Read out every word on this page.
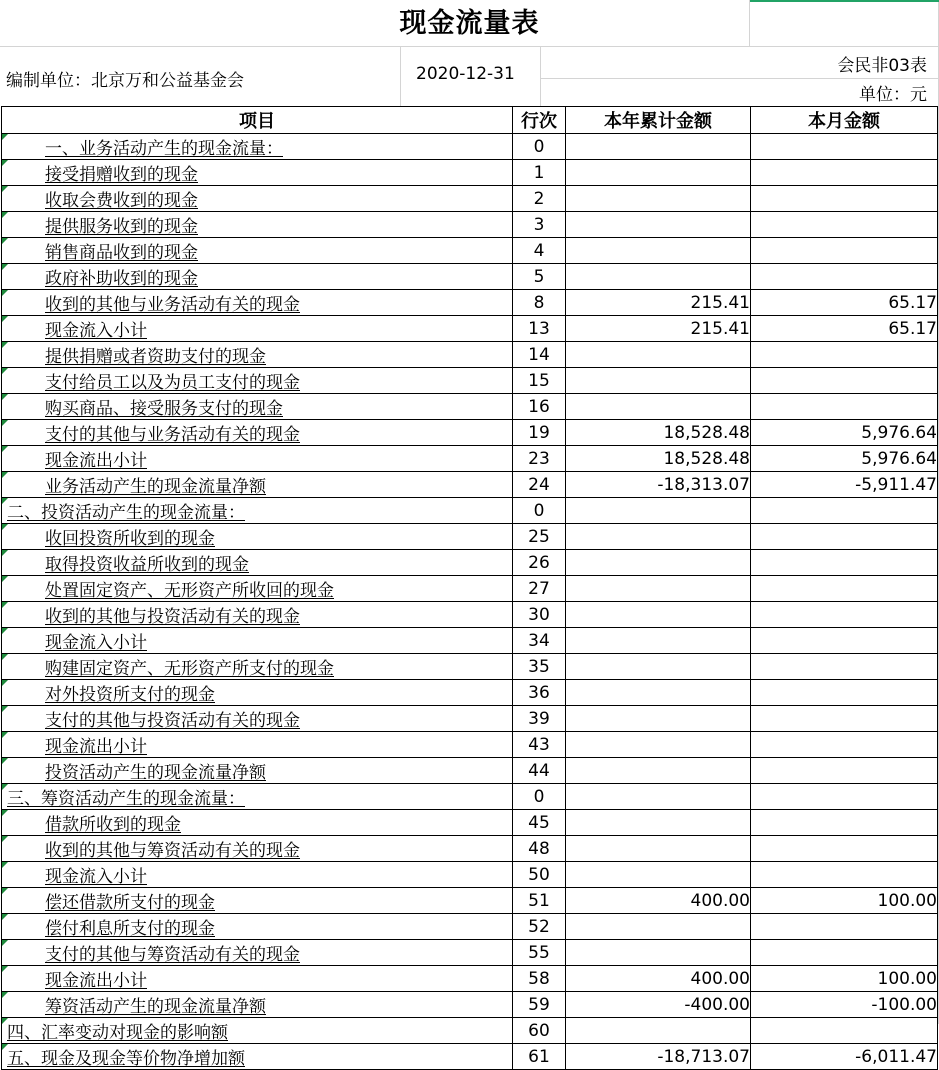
现金流量表
编制单位：北京万和公益基金会	2020-12-31	会民非03表
单位：元
项目	行次	本年累计金额	本月金额

一、业务活动产生的现金流量：	0		

接受捐赠收到的现金	1		

收取会费收到的现金	2		

提供服务收到的现金	3		

销售商品收到的现金	4		

政府补助收到的现金	5		

收到的其他与业务活动有关的现金	8	215.41	65.17

现金流入小计	13	215.41	65.17

提供捐赠或者资助支付的现金	14		

支付给员工以及为员工支付的现金	15		

购买商品、接受服务支付的现金	16		

支付的其他与业务活动有关的现金	19	18,528.48	5,976.64

现金流出小计	23	18,528.48	5,976.64

业务活动产生的现金流量净额	24	-18,313.07	-5,911.47

二、投资活动产生的现金流量：	0		

收回投资所收到的现金	25		

取得投资收益所收到的现金	26		

处置固定资产、无形资产所收回的现金	27		

收到的其他与投资活动有关的现金	30		

现金流入小计	34		

购建固定资产、无形资产所支付的现金	35		

对外投资所支付的现金	36		

支付的其他与投资活动有关的现金	39		

现金流出小计	43		

投资活动产生的现金流量净额	44		

三、筹资活动产生的现金流量：	0		

借款所收到的现金	45		

收到的其他与筹资活动有关的现金	48		

现金流入小计	50		

偿还借款所支付的现金	51	400.00	100.00

偿付利息所支付的现金	52		

支付的其他与筹资活动有关的现金	55		

现金流出小计	58	400.00	100.00

筹资活动产生的现金流量净额	59	-400.00	-100.00

四、汇率变动对现金的影响额	60		

五、现金及现金等价物净增加额	61	-18,713.07	-6,011.47
